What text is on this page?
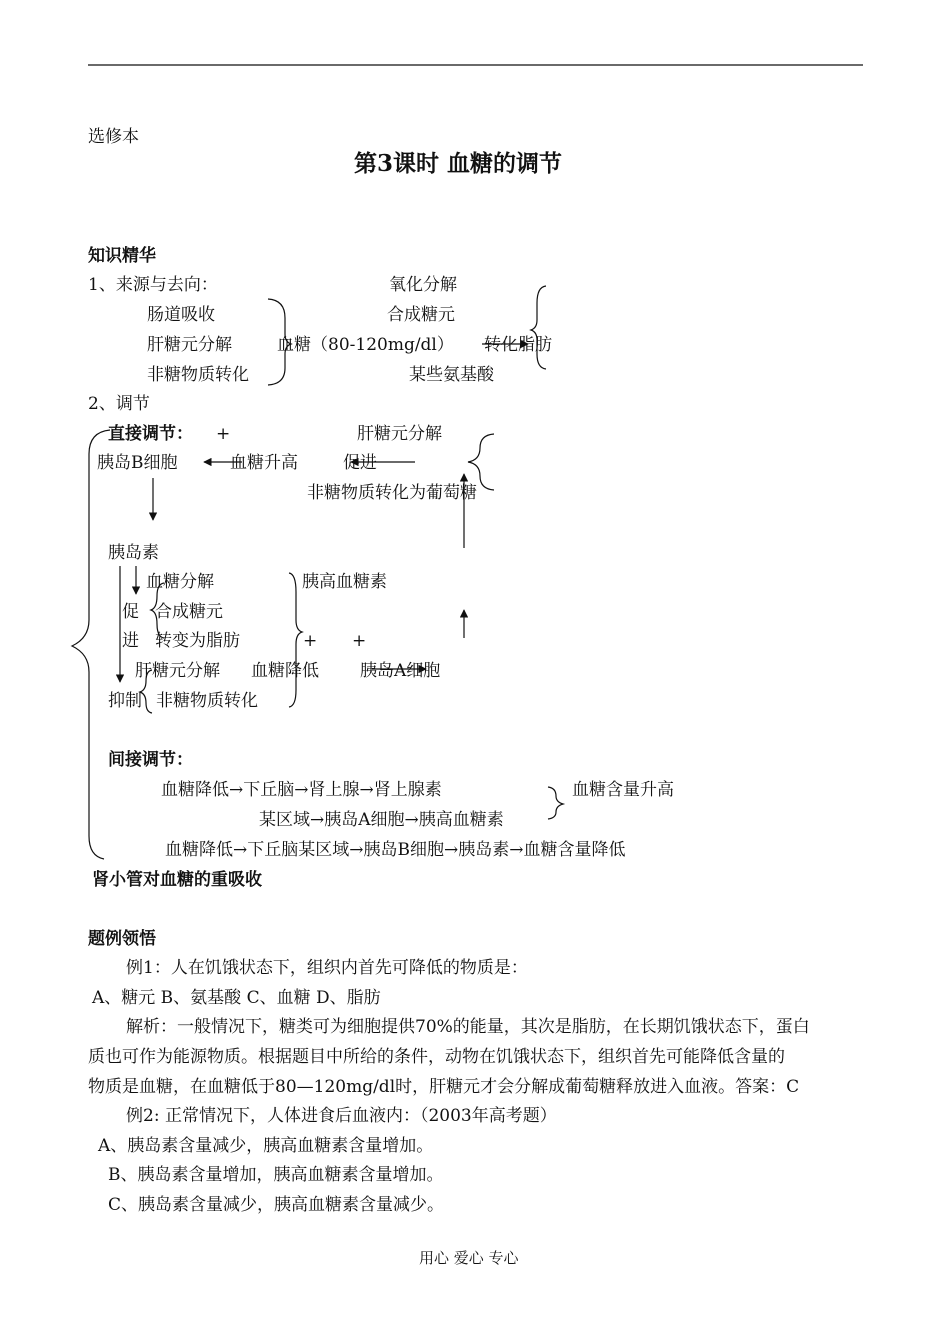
选修本
第3课时 血糖的调节
知识精华
1、来源与去向：	氧化分解
肠道吸收	合成糖元
肝糖元分解	血糖（80-120mg/dl） 转化脂肪
非糖物质转化	某些氨基酸
2、调节
直接调节： +	肝糖元分解
胰岛B细胞	血糖升高	促进
非糖物质转化为葡萄糖
胰岛素
血糖分解	胰高血糖素
促 合成糖元
进 转变为脂肪	+ +
肝糖元分解 血糖降低 胰岛A细胞
抑制 非糖物质转化
间接调节：
血糖降低→下丘脑→肾上腺→肾上腺素	血糖含量升高
某区域→胰岛A细胞→胰高血糖素
血糖降低→下丘脑某区域→胰岛B细胞→胰岛素→血糖含量降低
肾小管对血糖的重吸收
题例领悟
例1：人在饥饿状态下，组织内首先可降低的物质是：
A、糖元 B、氨基酸 C、血糖 D、脂肪
解析：一般情况下，糖类可为细胞提供70%的能量，其次是脂肪，在长期饥饿状态下，蛋白
质也可作为能源物质。根据题目中所给的条件，动物在饥饿状态下，组织首先可能降低含量的
物质是血糖，在血糖低于80—120mg/dl时，肝糖元才会分解成葡萄糖释放进入血液。答案：C
例2: 正常情况下，人体进食后血液内：（2003年高考题）
A、胰岛素含量减少，胰高血糖素含量增加。
B、胰岛素含量增加，胰高血糖素含量增加。
C、胰岛素含量减少，胰高血糖素含量减少。
用心 爱心 专心
